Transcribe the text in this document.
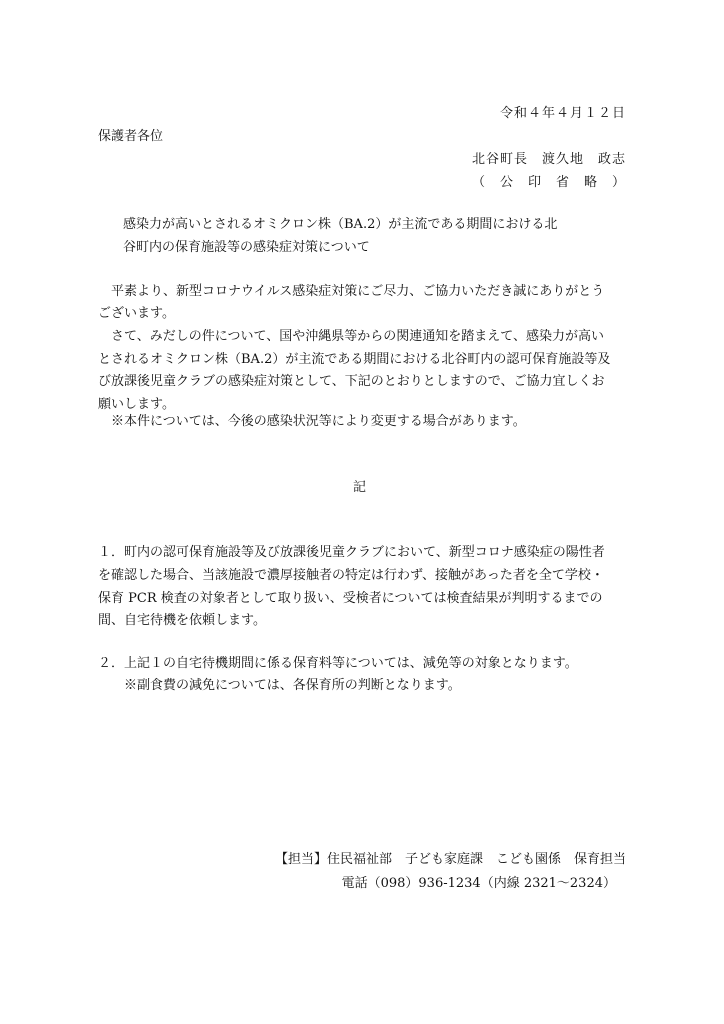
令和４年４月１２日
保護者各位
北谷町長　渡久地　政志
（　公　印　省　略　）
感染力が高いとされるオミクロン株（BA.2）が主流である期間における北
谷町内の保育施設等の感染症対策について
　平素より、新型コロナウイルス感染症対策にご尽力、ご協力いただき誠にありがとう
ございます。
　さて、みだしの件について、国や沖縄県等からの関連通知を踏まえて、感染力が高い
とされるオミクロン株（BA.2）が主流である期間における北谷町内の認可保育施設等及
び放課後児童クラブの感染症対策として、下記のとおりとしますので、ご協力宜しくお
願いします。
　※本件については、今後の感染状況等により変更する場合があります。
記
１．町内の認可保育施設等及び放課後児童クラブにおいて、新型コロナ感染症の陽性者
を確認した場合、当該施設で濃厚接触者の特定は行わず、接触があった者を全て学校・
保育 PCR 検査の対象者として取り扱い、受検者については検査結果が判明するまでの
間、自宅待機を依頼します。
２．上記１の自宅待機期間に係る保育料等については、減免等の対象となります。
※副食費の減免については、各保育所の判断となります。
【担当】住民福祉部　子ども家庭課　こども園係　保育担当
電話（098）936-1234（内線 2321～2324）
